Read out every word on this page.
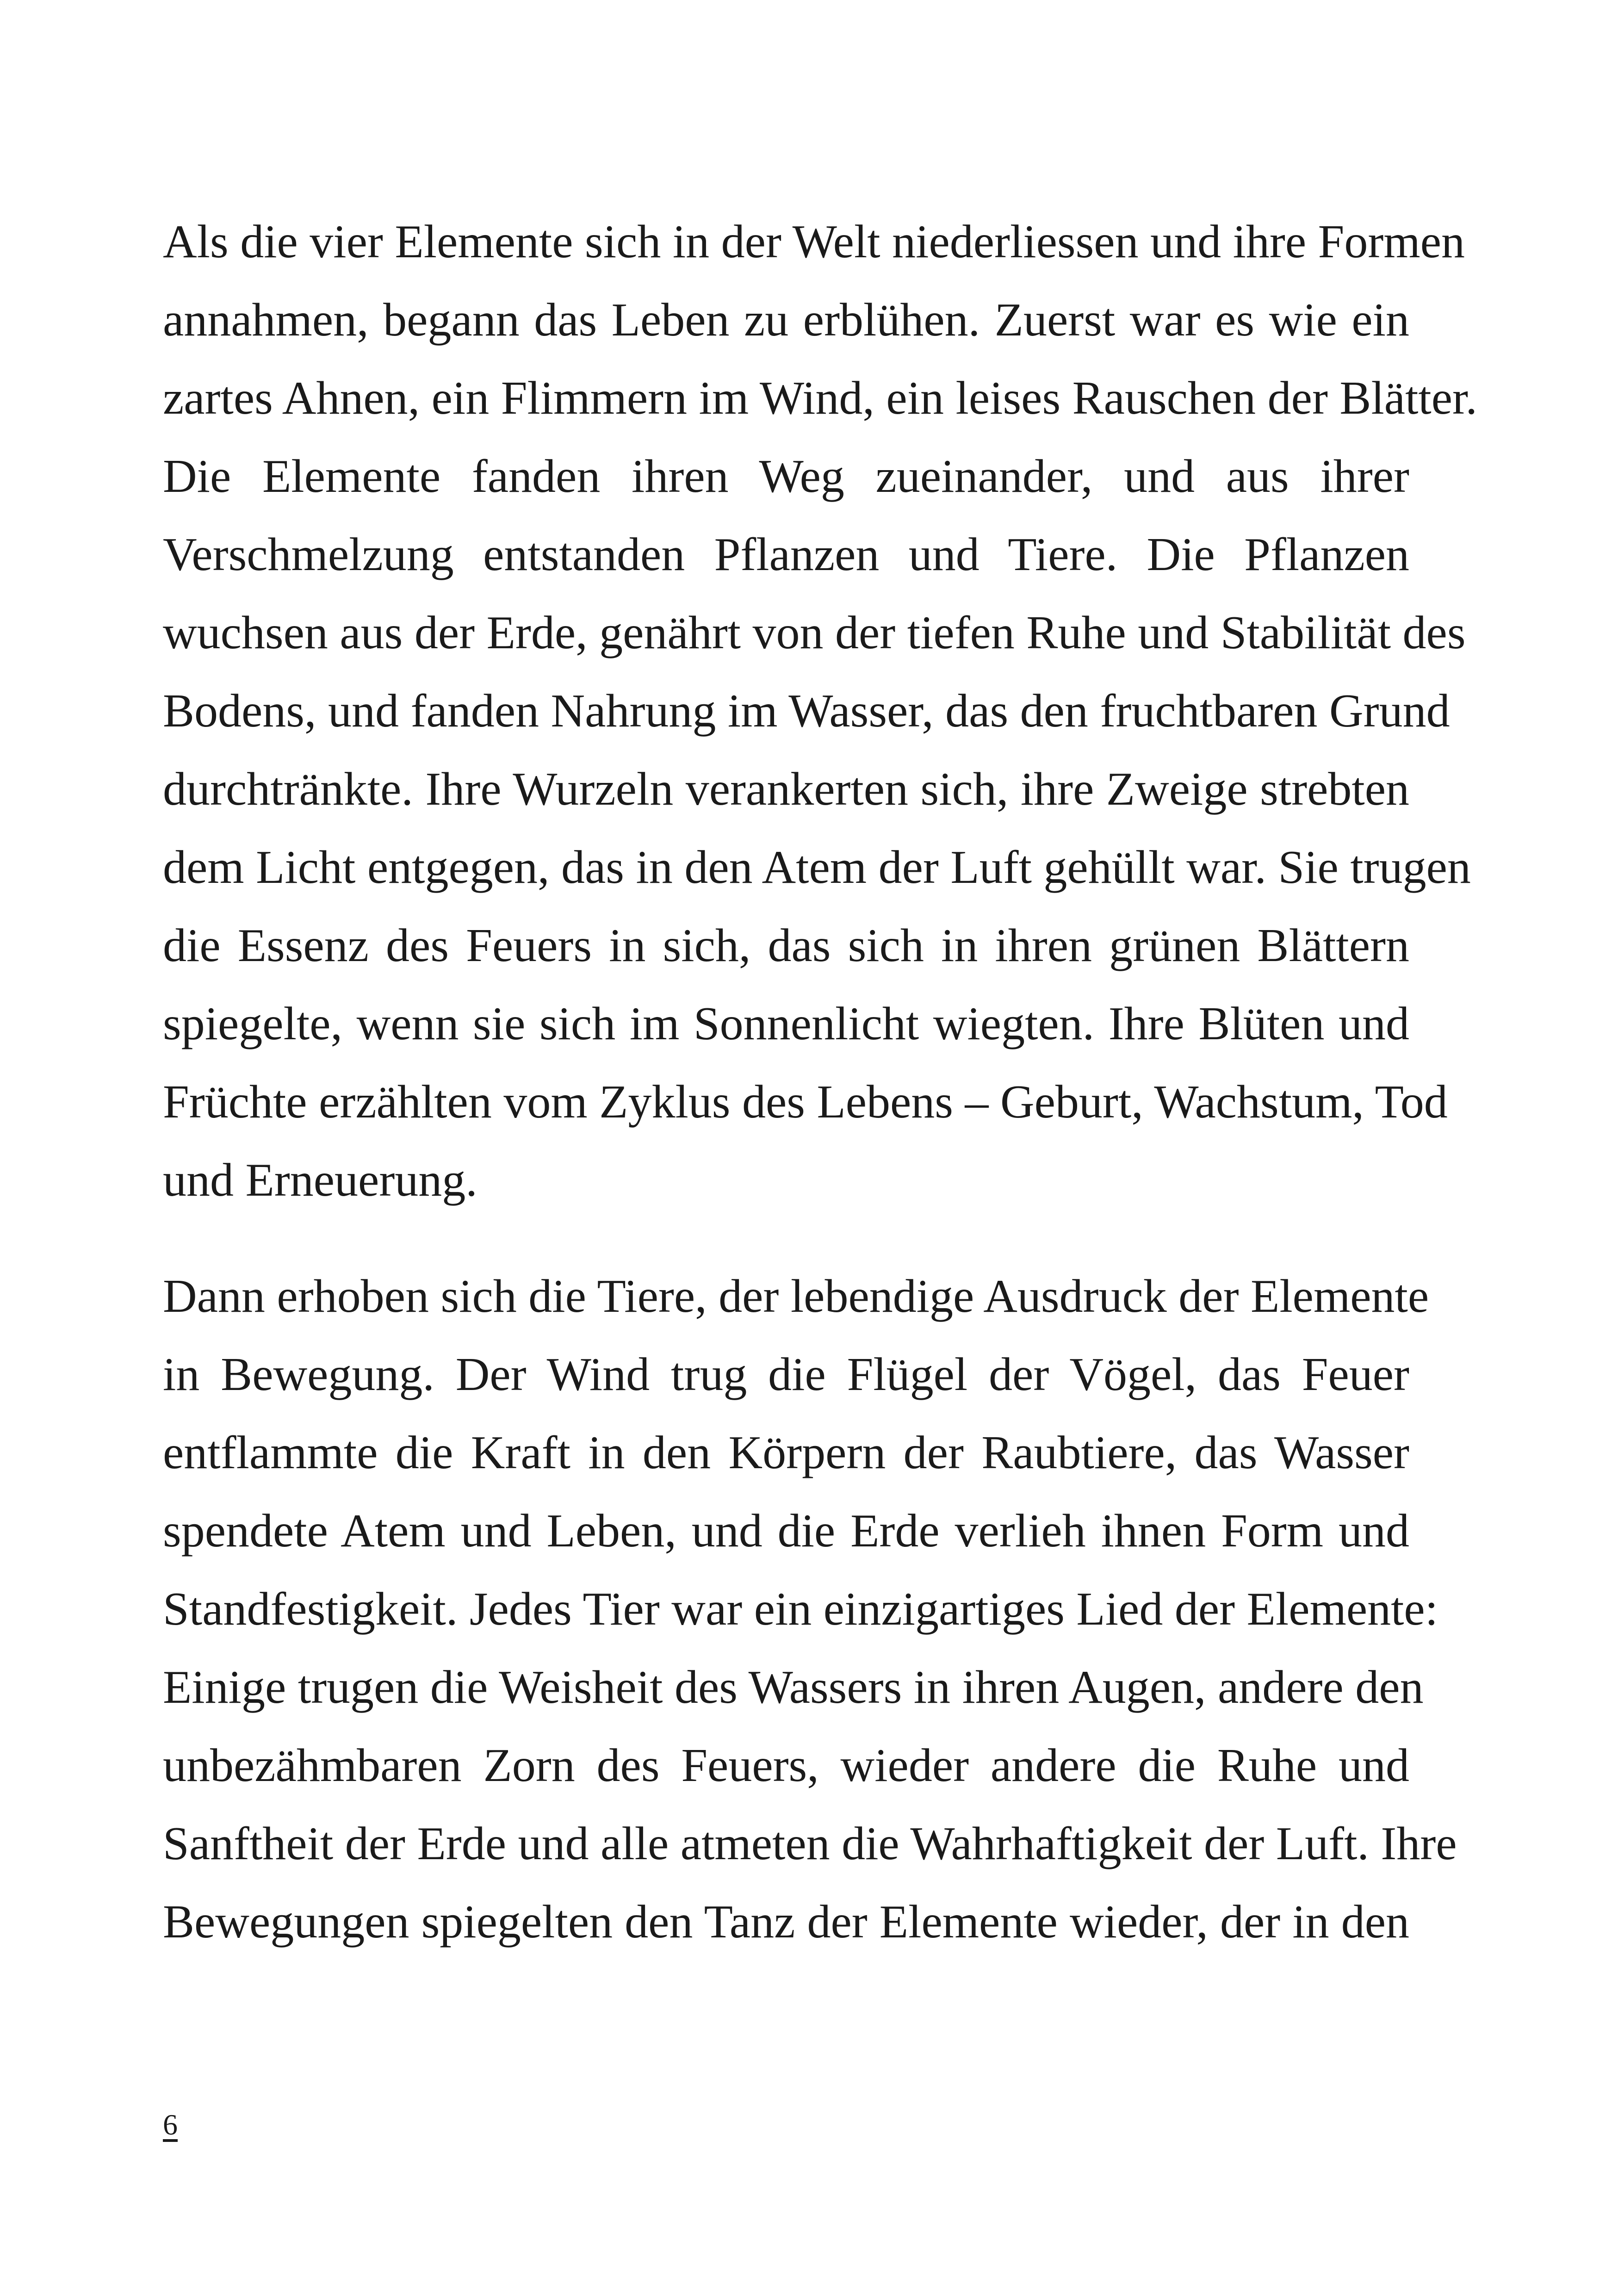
Als die vier Elemente sich in der Welt niederliessen und ihre Formen
annahmen, begann das Leben zu erblühen. Zuerst war es wie ein
zartes Ahnen, ein Flimmern im Wind, ein leises Rauschen der Blätter.
Die Elemente fanden ihren Weg zueinander, und aus ihrer
Verschmelzung entstanden Pflanzen und Tiere. Die Pflanzen
wuchsen aus der Erde, genährt von der tiefen Ruhe und Stabilität des
Bodens, und fanden Nahrung im Wasser, das den fruchtbaren Grund
durchtränkte. Ihre Wurzeln verankerten sich, ihre Zweige strebten
dem Licht entgegen, das in den Atem der Luft gehüllt war. Sie trugen
die Essenz des Feuers in sich, das sich in ihren grünen Blättern
spiegelte, wenn sie sich im Sonnenlicht wiegten. Ihre Blüten und
Früchte erzählten vom Zyklus des Lebens – Geburt, Wachstum, Tod
und Erneuerung.
Dann erhoben sich die Tiere, der lebendige Ausdruck der Elemente
in Bewegung. Der Wind trug die Flügel der Vögel, das Feuer
entflammte die Kraft in den Körpern der Raubtiere, das Wasser
spendete Atem und Leben, und die Erde verlieh ihnen Form und
Standfestigkeit. Jedes Tier war ein einzigartiges Lied der Elemente:
Einige trugen die Weisheit des Wassers in ihren Augen, andere den
unbezähmbaren Zorn des Feuers, wieder andere die Ruhe und
Sanftheit der Erde und alle atmeten die Wahrhaftigkeit der Luft. Ihre
Bewegungen spiegelten den Tanz der Elemente wieder, der in den
6
